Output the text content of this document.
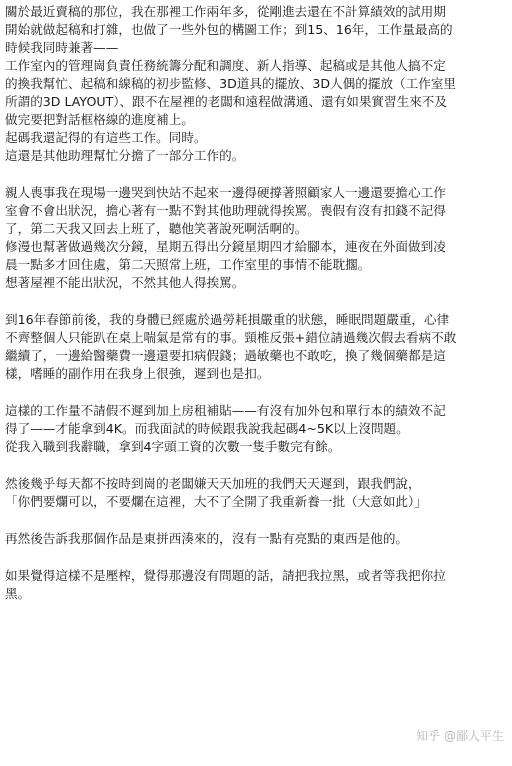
關於最近賣稿的那位，我在那裡工作兩年多，從剛進去還在不計算績效的試用期
開始就做起稿和打雜，也做了一些外包的構圖工作；到15、16年，工作量最高的
時候我同時兼著——
工作室內的管理崗負責任務統籌分配和調度、新人指導、起稿或是其他人搞不定
的換我幫忙、起稿和線稿的初步監修、3D道具的擺放、3D人偶的擺放（工作室里
所謂的3D LAYOUT）、跟不在屋裡的老闆和遠程做溝通、還有如果實習生來不及
做完要把對話框格線的進度補上。
起碼我還記得的有這些工作。同時。
這還是其他助理幫忙分擔了一部分工作的。
親人喪事我在現場一邊哭到快站不起來一邊得硬撐著照顧家人一邊還要擔心工作
室會不會出狀況，擔心著有一點不對其他助理就得挨罵。喪假有沒有扣錢不記得
了，第二天我又回去上班了，聽他笑著說死啊活啊的。
修漫也幫著做過幾次分鏡，星期五得出分鏡星期四才給腳本，連夜在外面做到凌
晨一點多才回住處，第二天照常上班，工作室里的事情不能耽擱。
想著屋裡不能出狀況，不然其他人得挨罵。
到16年春節前後，我的身體已經處於過勞耗損嚴重的狀態，睡眠問題嚴重，心律
不齊整個人只能趴在桌上喘氣是常有的事。頸椎反張+錯位請過幾次假去看病不敢
繼續了，一邊給醫藥費一邊還要扣病假錢；過敏藥也不敢吃，換了幾個藥都是這
樣，嗜睡的副作用在我身上很強，遲到也是扣。
這樣的工作量不請假不遲到加上房租補貼——有沒有加外包和單行本的績效不記
得了——才能拿到4K。而我面試的時候跟我說我起碼4~5K以上沒問題。
從我入職到我辭職，拿到4字頭工資的次數一隻手數完有餘。
然後幾乎每天都不按時到崗的老闆嫌天天加班的我們天天遲到，跟我們說，
「你們要爛可以，不要爛在這裡，大不了全開了我重新養一批（大意如此）」
再然後告訴我那個作品是東拼西湊來的，沒有一點有亮點的東西是他的。
如果覺得這樣不是壓榨，覺得那邊沒有問題的話，請把我拉黑，或者等我把你拉
黑。
知乎 @鄙人平生
